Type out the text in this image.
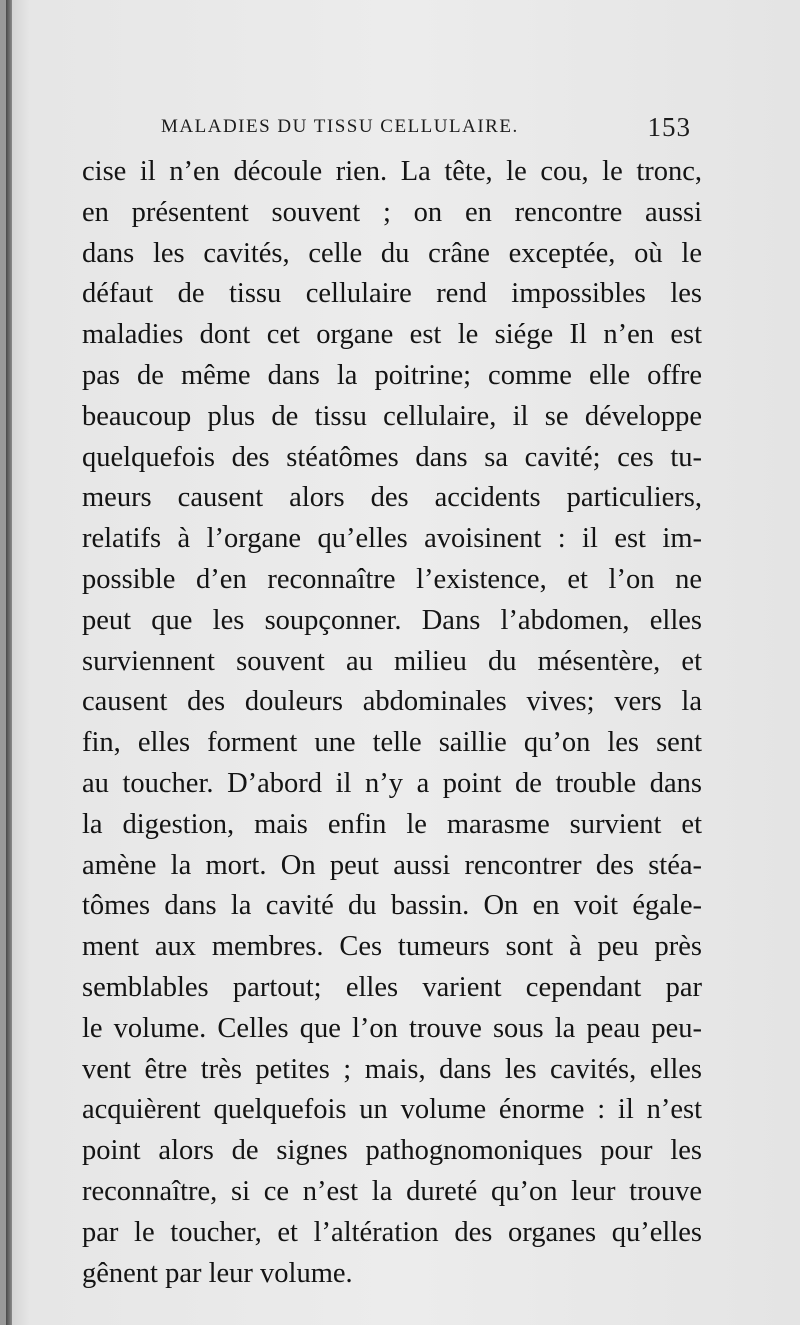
MALADIES DU TISSU CELLULAIRE.	153
cise il n’en découle rien. La tête, le cou, le tronc,
en présentent souvent ; on en rencontre aussi
dans les cavités, celle du crâne exceptée, où le
défaut de tissu cellulaire rend impossibles les
maladies dont cet organe est le siége Il n’en est
pas de même dans la poitrine; comme elle offre
beaucoup plus de tissu cellulaire, il se développe
quelquefois des stéatômes dans sa cavité; ces tu-
meurs causent alors des accidents particuliers,
relatifs à l’organe qu’elles avoisinent : il est im-
possible d’en reconnaître l’existence, et l’on ne
peut que les soupçonner. Dans l’abdomen, elles
surviennent souvent au milieu du mésentère, et
causent des douleurs abdominales vives; vers la
fin, elles forment une telle saillie qu’on les sent
au toucher. D’abord il n’y a point de trouble dans
la digestion, mais enfin le marasme survient et
amène la mort. On peut aussi rencontrer des stéa-
tômes dans la cavité du bassin. On en voit égale-
ment aux membres. Ces tumeurs sont à peu près
semblables partout; elles varient cependant par
le volume. Celles que l’on trouve sous la peau peu-
vent être très petites ; mais, dans les cavités, elles
acquièrent quelquefois un volume énorme : il n’est
point alors de signes pathognomoniques pour les
reconnaître, si ce n’est la dureté qu’on leur trouve
par le toucher, et l’altération des organes qu’elles
gênent par leur volume.
